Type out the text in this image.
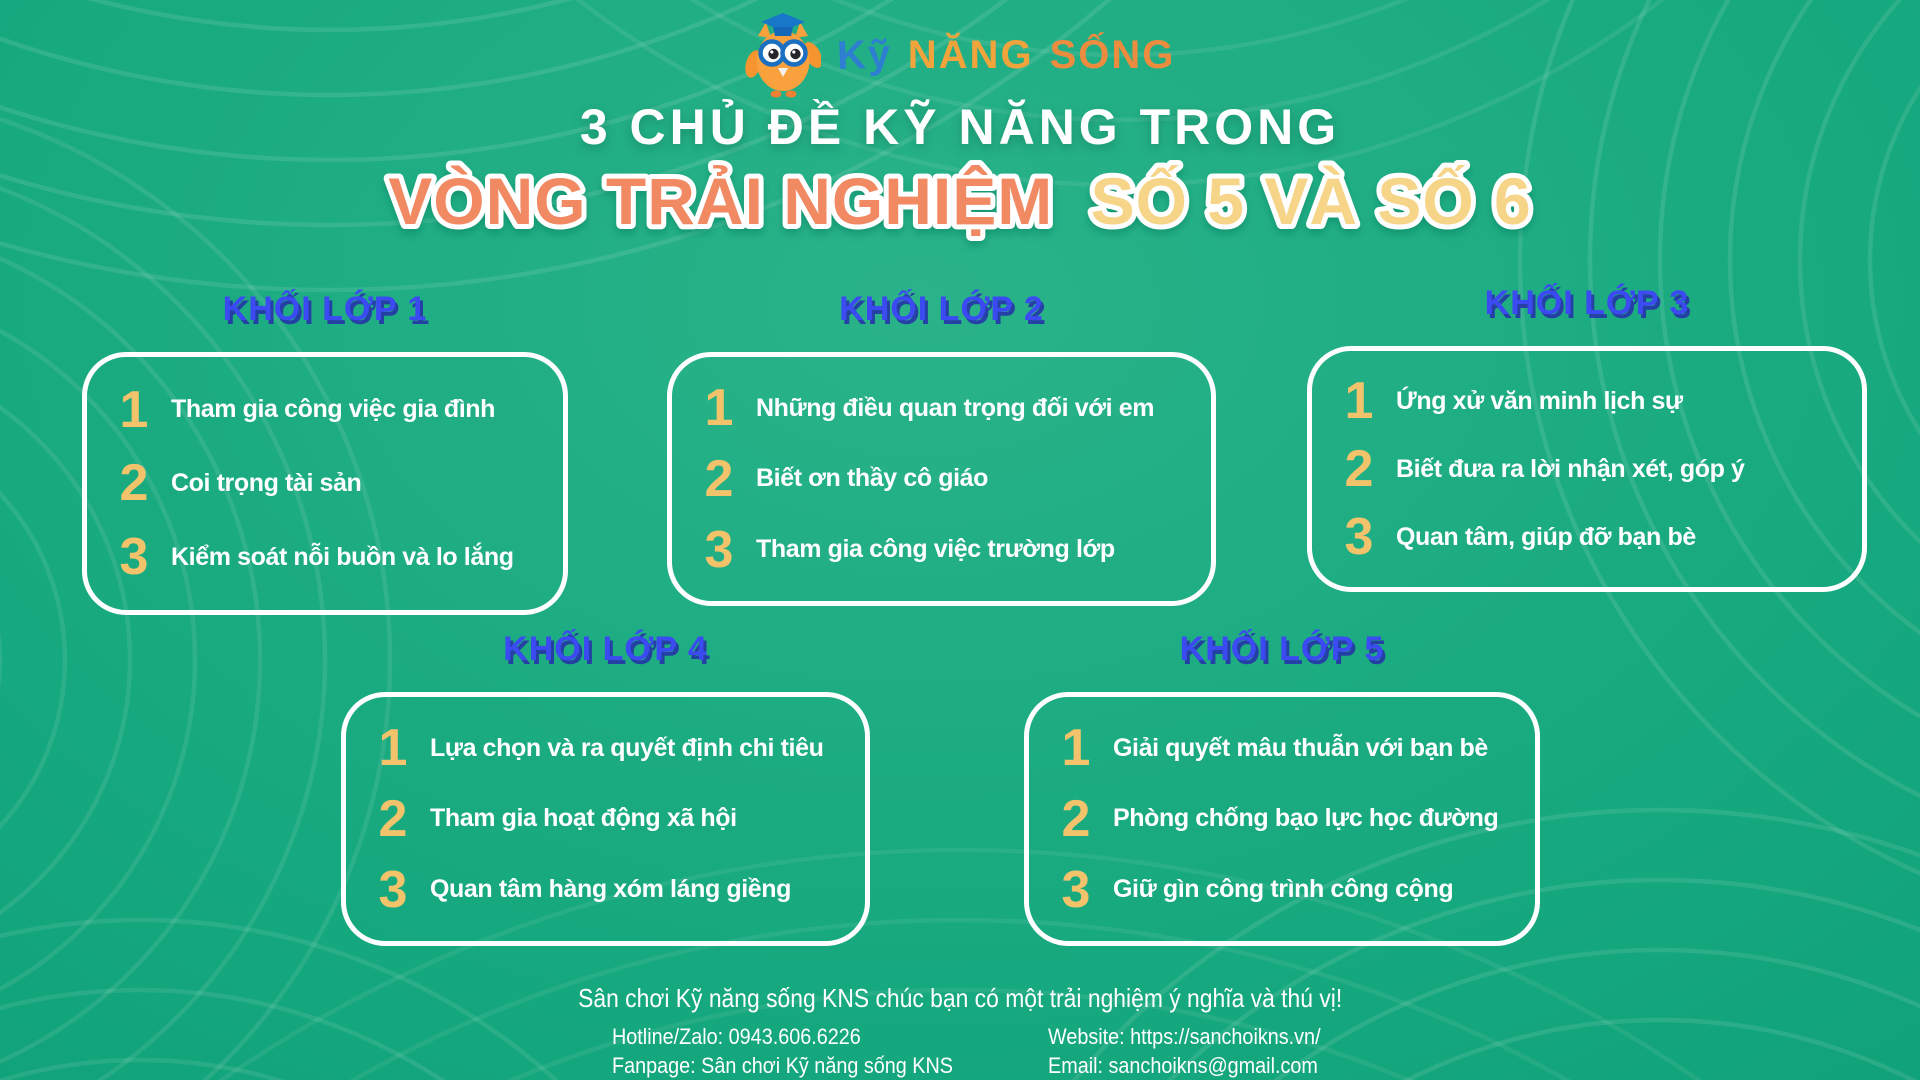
Kỹ NĂNG SỐNG
3 CHỦ ĐỀ KỸ NĂNG TRONG
VÒNG TRẢI NGHIỆM SỐ 5 VÀ SỐ 6
KHỐI LỚP 1
1 Tham gia công việc gia đình
2 Coi trọng tài sản
3 Kiểm soát nỗi buồn và lo lắng
KHỐI LỚP 2
1 Những điều quan trọng đối với em
2 Biết ơn thầy cô giáo
3 Tham gia công việc trường lớp
KHỐI LỚP 3
1 Ứng xử văn minh lịch sự
2 Biết đưa ra lời nhận xét, góp ý
3 Quan tâm, giúp đỡ bạn bè
KHỐI LỚP 4
1 Lựa chọn và ra quyết định chi tiêu
2 Tham gia hoạt động xã hội
3 Quan tâm hàng xóm láng giềng
KHỐI LỚP 5
1 Giải quyết mâu thuẫn với bạn bè
2 Phòng chống bạo lực học đường
3 Giữ gìn công trình công cộng

Sân chơi Kỹ năng sống KNS chúc bạn có một trải nghiệm ý nghĩa và thú vị!

Hotline/Zalo: 0943.606.6226

Fanpage: Sân chơi Kỹ năng sống KNS

Website: https://sanchoikns.vn/

Email: sanchoikns@gmail.com
